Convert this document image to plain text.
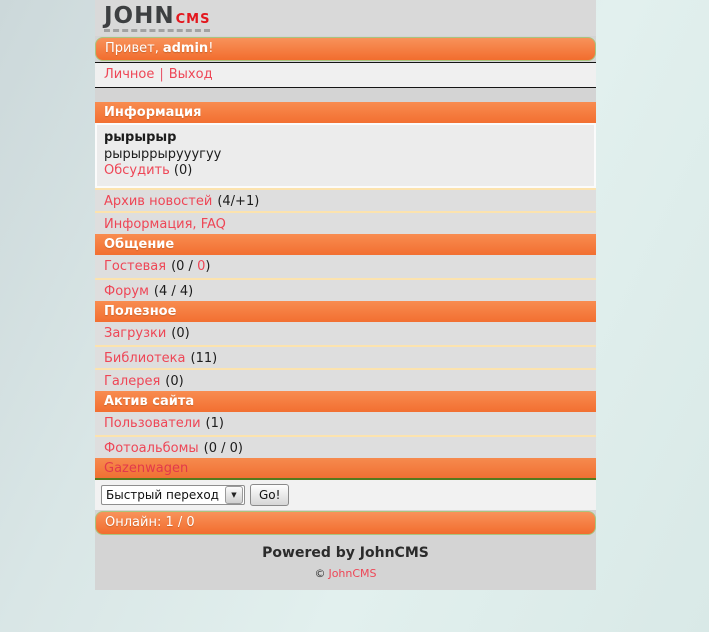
JOHN CMS
Привет, admin!
Личное | Выход
Информация
рырырыр
рырыррырууугуу
Обсудить (0)
Архив новостей (4/+1)
Информация, FAQ
Общение
Гостевая (0 / 0)
Форум (4 / 4)
Полезное
Загрузки (0)
Библиотека (11)
Галерея (0)
Актив сайта
Пользователи (1)
Фотоальбомы (0 / 0)
Gazenwagen
Быстрый переход	▼	Go!
Онлайн: 1 / 0
Powered by JohnCMS
© JohnCMS
